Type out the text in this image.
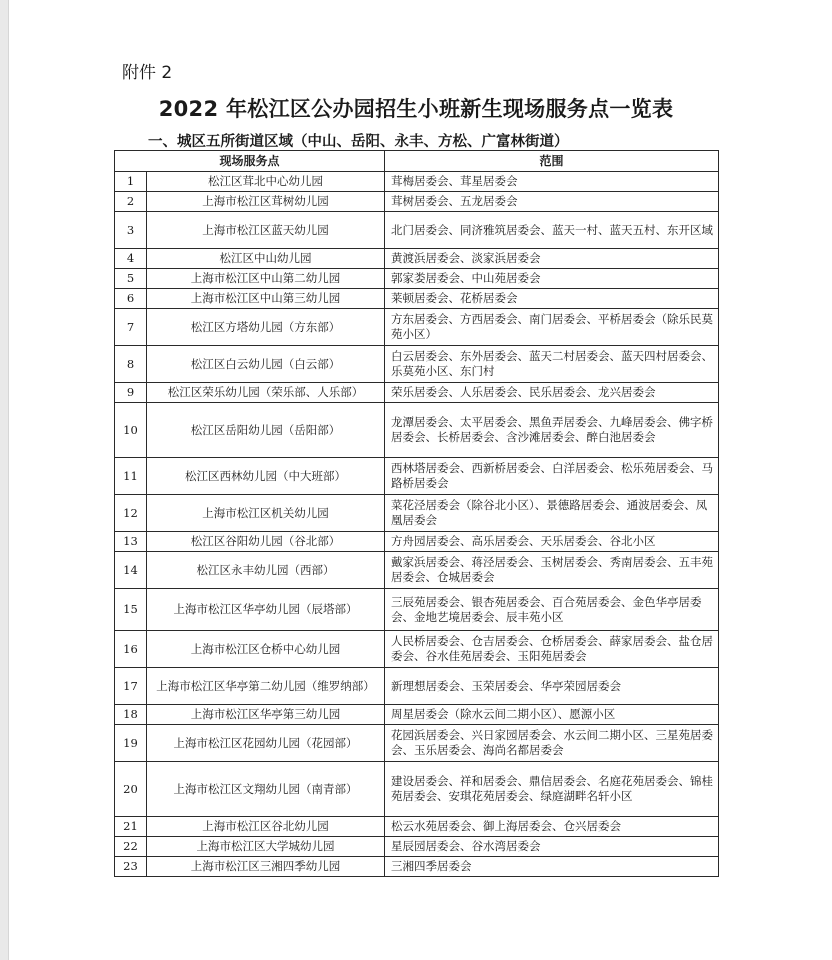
附件 2
2022 年松江区公办园招生小班新生现场服务点一览表
一、城区五所街道区域（中山、岳阳、永丰、方松、广富林街道）
现场服务点		范围
1	松江区茸北中心幼儿园	茸梅居委会、茸星居委会
2	上海市松江区茸树幼儿园	茸树居委会、五龙居委会
3	上海市松江区蓝天幼儿园	北门居委会、同济雅筑居委会、蓝天一村、蓝天五村、东开区域
4	松江区中山幼儿园	黄渡浜居委会、淡家浜居委会
5	上海市松江区中山第二幼儿园	郭家娄居委会、中山苑居委会
6	上海市松江区中山第三幼儿园	莱顿居委会、花桥居委会
7	松江区方塔幼儿园（方东部）	方东居委会、方西居委会、南门居委会、平桥居委会（除乐民莫苑小区）
8	松江区白云幼儿园（白云部）	白云居委会、东外居委会、蓝天二村居委会、蓝天四村居委会、乐莫苑小区、东门村
9	松江区荣乐幼儿园（荣乐部、人乐部）	荣乐居委会、人乐居委会、民乐居委会、龙兴居委会
10	松江区岳阳幼儿园（岳阳部）	龙潭居委会、太平居委会、黑鱼弄居委会、九峰居委会、佛字桥居委会、长桥居委会、含沙滩居委会、醉白池居委会
11	松江区西林幼儿园（中大班部）	西林塔居委会、西新桥居委会、白洋居委会、松乐苑居委会、马路桥居委会
12	上海市松江区机关幼儿园	菜花泾居委会（除谷北小区）、景德路居委会、通波居委会、凤凰居委会
13	松江区谷阳幼儿园（谷北部）	方舟园居委会、高乐居委会、天乐居委会、谷北小区
14	松江区永丰幼儿园（西部）	戴家浜居委会、蒋泾居委会、玉树居委会、秀南居委会、五丰苑居委会、仓城居委会
15	上海市松江区华亭幼儿园（辰塔部）	三辰苑居委会、银杏苑居委会、百合苑居委会、金色华亭居委会、金地艺境居委会、辰丰苑小区
16	上海市松江区仓桥中心幼儿园	人民桥居委会、仓吉居委会、仓桥居委会、薛家居委会、盐仓居委会、谷水佳苑居委会、玉阳苑居委会
17	上海市松江区华亭第二幼儿园（维罗纳部）	新理想居委会、玉荣居委会、华亭荣园居委会
18	上海市松江区华亭第三幼儿园	周星居委会（除水云间二期小区）、愿源小区
19	上海市松江区花园幼儿园（花园部）	花园浜居委会、兴日家园居委会、水云间二期小区、三星苑居委会、玉乐居委会、海尚名都居委会
20	上海市松江区文翔幼儿园（南青部）	建设居委会、祥和居委会、鼎信居委会、名庭花苑居委会、锦桂苑居委会、安琪花苑居委会、绿庭湖畔名轩小区
21	上海市松江区谷北幼儿园	松云水苑居委会、御上海居委会、仓兴居委会
22	上海市松江区大学城幼儿园	星辰园居委会、谷水湾居委会
23	上海市松江区三湘四季幼儿园	三湘四季居委会
